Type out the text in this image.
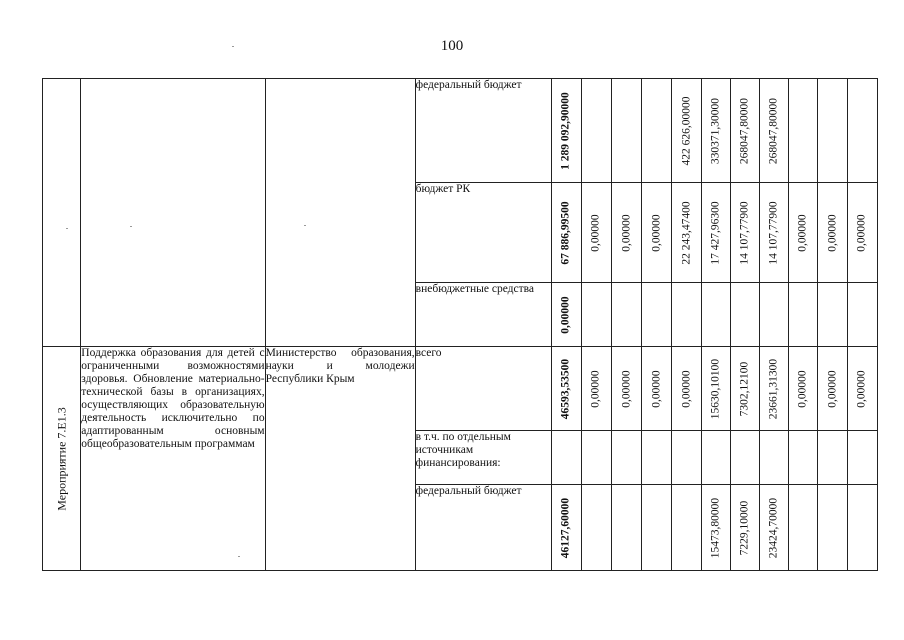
100
			федеральный бюджет	1 289 092,90000				422 626,00000	330371,30000	268047,80000	268047,80000			

			бюджет РК	67 886,99500	0,00000	0,00000	0,00000	22 243,47400	17 427,96300	14 107,77900	14 107,77900	0,00000	0,00000	0,00000

			внебюджетные средства	0,00000										

Мероприятие 7.Е1.3	Поддержка образования для детей с ограниченными возможностями здоровья. Обновление материально-технической базы в организациях, осуществляющих образовательную деятельность исключительно по адаптированным основным общеобразовательным программам	Министерство образования, науки и молодежи Республики Крым	всего	46593,53500	0,00000	0,00000	0,00000	0,00000	15630,10100	7302,12100	23661,31300	0,00000	0,00000	0,00000

			в т.ч. по отдельным источникам финансирования:	

			федеральный бюджет	46127,60000					15473,80000	7229,10000	23424,70000			
